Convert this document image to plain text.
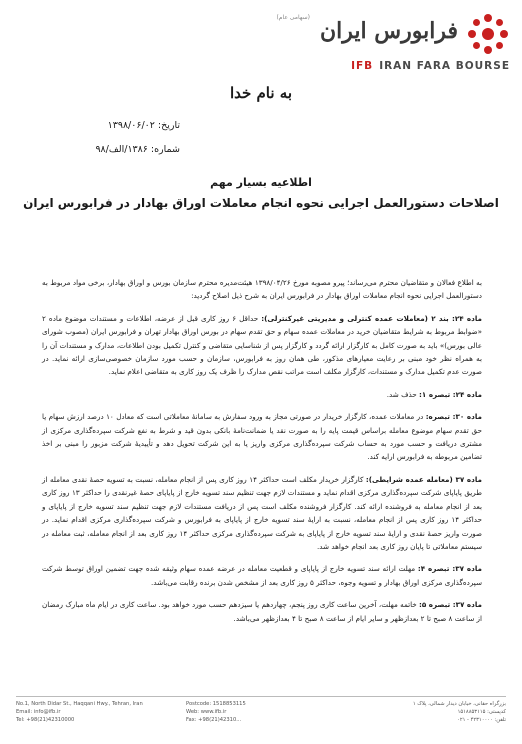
فرابورس ایران
(سهامی عام)
IFB IRAN FARA BOURSE
به نام خدا
تاریخ: ۱۳۹۸/۰۶/۰۲
شماره: ۱۳۸۶/الف/۹۸
اطلاعیه بسیار مهم
اصلاحات دستورالعمل اجرایی نحوه انجام معاملات اوراق بهادار در فرابورس ایران

به اطلاع فعالان و متقاضیان محترم می‌رساند؛ پیرو مصوبه مورخ ۱۳۹۸/۰۴/۲۶ هیئت‌مدیره محترم سازمان بورس و اوراق بهادار، برخی مواد مربوط به دستورالعمل اجرایی نحوه انجام معاملات اوراق بهادار در فرابورس ایران به شرح ذیل اصلاح گردید:

ماده ۲۴: بند ۲ (معاملات عمده کنترلی و مدیریتی غیرکنترلی): حداقل ۶ روز کاری قبل از عرضه، اطلاعات و مستندات موضوع ماده ۲ «ضوابط مربوط به شرایط متقاضیان خرید در معاملات عمده سهام و حق تقدم سهام در بورس اوراق بهادار تهران و فرابورس ایران (مصوب شورای عالی بورس)» باید به صورت کامل به کارگزار ارائه گردد و کارگزار پس از شناسایی متقاضی و کنترل تکمیل بودن اطلاعات، مدارک و مستندات آن را به همراه نظر خود مبنی بر رعایت معیارهای مذکور، طی همان روز به فرابورس، سازمان و حسب مورد سازمان خصوصی‌سازی ارائه نماید. در صورت عدم تکمیل مدارک و مستندات، کارگزار مکلف است مراتب نقص مدارک را ظرف یک روز کاری به متقاضی اعلام نماید.

ماده ۲۴: تبصره ۱: حذف شد.

ماده ۳۰: تبصره: در معاملات عمده، کارگزار خریدار در صورتی مجاز به ورود سفارش به سامانهٔ معاملاتی است که معادل ۱۰ درصد ارزش سهام یا حق تقدم سهام موضوع معامله براساس قیمت پایه را به صورت نقد یا ضمانت‌نامهٔ بانکی بدون قید و شرط به نفع شرکت سپرده‌گذاری مرکزی از مشتری دریافت و حسب مورد به حساب شرکت سپرده‌گذاری مرکزی واریز یا به این شرکت تحویل دهد و تأییدیهٔ شرکت مزبور را مبنی بر اخذ تضامین مربوطه به فرابورس ارایه کند.

ماده ۳۷ (معامله عمده شرایطی): کارگزار خریدار مکلف است حداکثر ۱۴ روز کاری پس از انجام معامله، نسبت به تسویه حصهٔ نقدی معامله از طریق پایاپای شرکت سپرده‌گذاری مرکزی اقدام نماید و مستندات لازم جهت تنظیم سند تسویه خارج از پایاپای حصهٔ غیرنقدی را حداکثر ۱۳ روز کاری بعد از انجام معامله به فروشنده ارائه کند. کارگزار فروشنده مکلف است پس از دریافت مستندات لازم جهت تنظیم سند تسویه خارج از پایاپای و حداکثر ۱۴ روز کاری پس از انجام معامله، نسبت به ارایهٔ سند تسویه خارج از پایاپای به فرابورس و شرکت سپرده‌گذاری مرکزی اقدام نماید. در صورت واریز حصهٔ نقدی و ارایهٔ سند تسویه خارج از پایاپای به شرکت سپرده‌گذاری مرکزی حداکثر ۱۴ روز کاری بعد از انجام معامله، ثبت معامله در سیستم معاملاتی تا پایان روز کاری بعد انجام خواهد شد.

ماده ۳۷: تبصره ۴: مهلت ارائه سند تسویه خارج از پایاپای و قطعیت معامله در عرضه عمده سهام وثیقه شده جهت تضمین اوراق توسط شرکت سپرده‌گذاری مرکزی اوراق بهادار و تسویه وجوه، حداکثر ۵ روز کاری بعد از مشخص شدن برنده رقابت می‌باشد.

ماده ۳۷: تبصره ۵: خاتمه مهلت، آخرین ساعت کاری روز پنجم، چهاردهم یا سیزدهم حسب مورد خواهد بود. ساعت کاری در ایام ماه مبارک رمضان از ساعت ۸ صبح تا ۲ بعدازظهر و سایر ایام از ساعت ۸ صبح تا ۴ بعدازظهر می‌باشد.

No.1, North Didar St., Haqqani Hwy., Tehran, Iran
Email: info@ifb.ir
Tel: +98(21)42310000
Postcode: 1518853115
Web: www.ifb.ir
Fax: +98(21)42310...
بزرگراه حقانی، خیابان دیدار شمالی، پلاک ۱
کدپستی: ۱۵۱۸۸۵۳۱۱۵
تلفن: ۴۲۳۱۰۰۰۰ - ۰۲۱
